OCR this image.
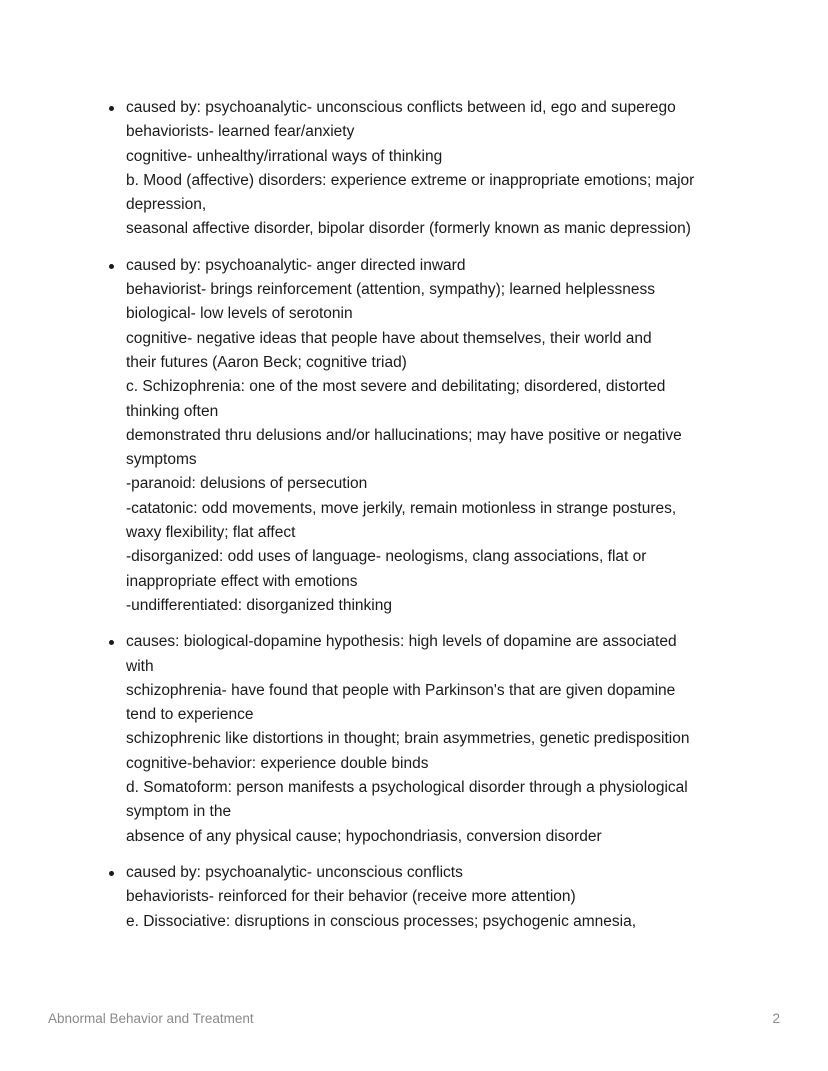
caused by: psychoanalytic- unconscious conflicts between id, ego and superego
behaviorists- learned fear/anxiety
cognitive- unhealthy/irrational ways of thinking
b. Mood (affective) disorders: experience extreme or inappropriate emotions; major
depression,
seasonal affective disorder, bipolar disorder (formerly known as manic depression)
caused by: psychoanalytic- anger directed inward
behaviorist- brings reinforcement (attention, sympathy); learned helplessness
biological- low levels of serotonin
cognitive- negative ideas that people have about themselves, their world and
their futures (Aaron Beck; cognitive triad)
c. Schizophrenia: one of the most severe and debilitating; disordered, distorted
thinking often
demonstrated thru delusions and/or hallucinations; may have positive or negative
symptoms
-paranoid: delusions of persecution
-catatonic: odd movements, move jerkily, remain motionless in strange postures,
waxy flexibility; flat affect
-disorganized: odd uses of language- neologisms, clang associations, flat or
inappropriate effect with emotions
-undifferentiated: disorganized thinking
causes: biological-dopamine hypothesis: high levels of dopamine are associated
with
schizophrenia- have found that people with Parkinson's that are given dopamine
tend to experience
schizophrenic like distortions in thought; brain asymmetries, genetic predisposition
cognitive-behavior: experience double binds
d. Somatoform: person manifests a psychological disorder through a physiological
symptom in the
absence of any physical cause; hypochondriasis, conversion disorder
caused by: psychoanalytic- unconscious conflicts
behaviorists- reinforced for their behavior (receive more attention)
e. Dissociative: disruptions in conscious processes; psychogenic amnesia,
Abnormal Behavior and Treatment	2
